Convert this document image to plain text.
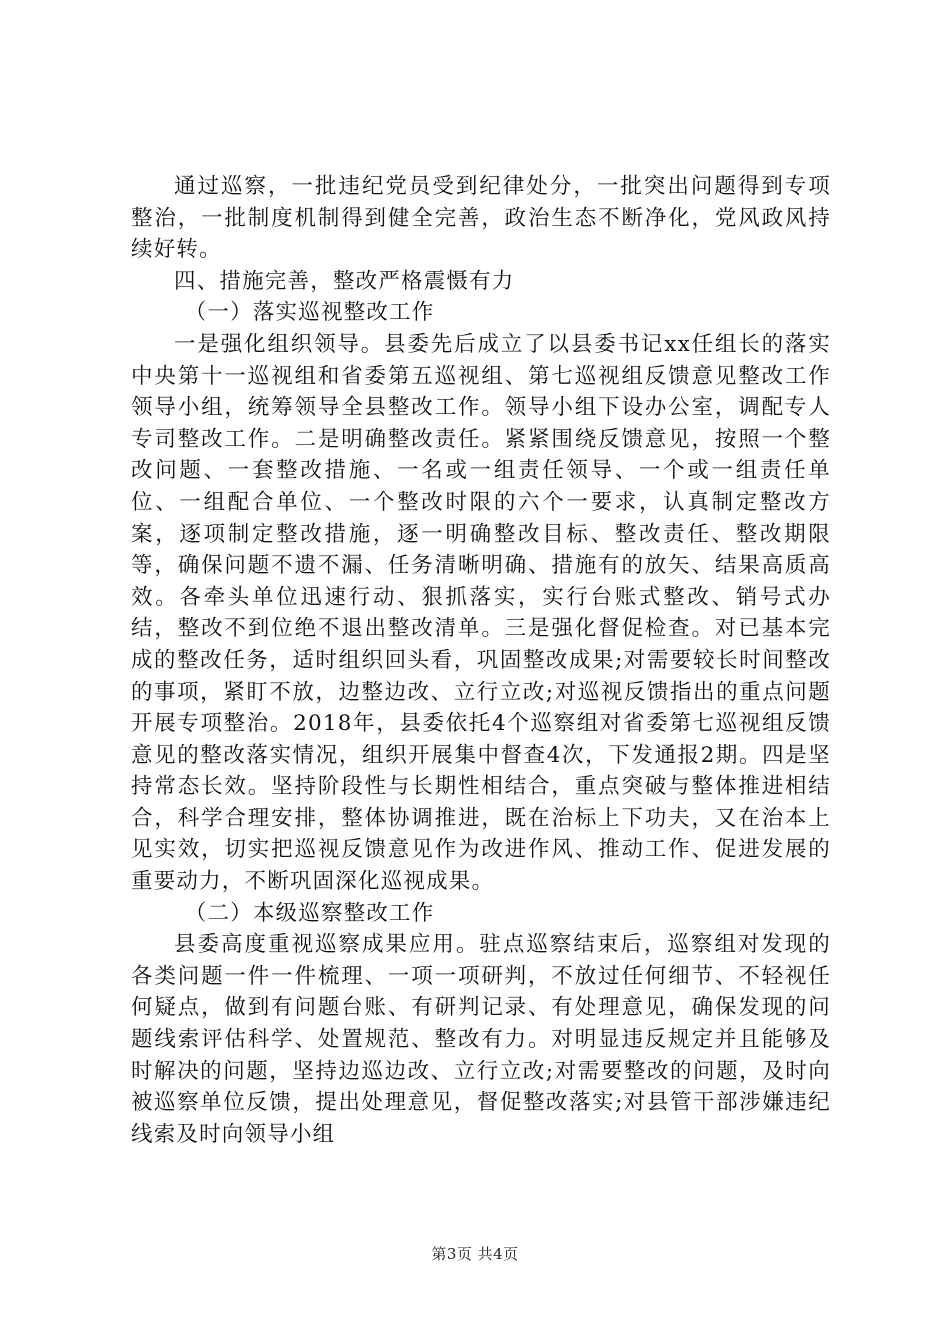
通过巡察，一批违纪党员受到纪律处分，一批突出问题得到专项整治，一批制度机制得到健全完善，政治生态不断净化，党风政风持续好转。

四、措施完善，整改严格震慑有力

（一）落实巡视整改工作

一是强化组织领导。县委先后成立了以县委书记xx任组长的落实中央第十一巡视组和省委第五巡视组、第七巡视组反馈意见整改工作领导小组，统筹领导全县整改工作。领导小组下设办公室，调配专人专司整改工作。二是明确整改责任。紧紧围绕反馈意见，按照一个整改问题、一套整改措施、一名或一组责任领导、一个或一组责任单位、一组配合单位、一个整改时限的六个一要求，认真制定整改方案，逐项制定整改措施，逐一明确整改目标、整改责任、整改期限等，确保问题不遗不漏、任务清晰明确、措施有的放矢、结果高质高效。各牵头单位迅速行动、狠抓落实，实行台账式整改、销号式办结，整改不到位绝不退出整改清单。三是强化督促检查。对已基本完成的整改任务，适时组织回头看，巩固整改成果;对需要较长时间整改的事项，紧盯不放，边整边改、立行立改;对巡视反馈指出的重点问题开展专项整治。2018年，县委依托4个巡察组对省委第七巡视组反馈意见的整改落实情况，组织开展集中督查4次，下发通报2期。四是坚持常态长效。坚持阶段性与长期性相结合，重点突破与整体推进相结合，科学合理安排，整体协调推进，既在治标上下功夫，又在治本上见实效，切实把巡视反馈意见作为改进作风、推动工作、促进发展的重要动力，不断巩固深化巡视成果。

（二）本级巡察整改工作

县委高度重视巡察成果应用。驻点巡察结束后，巡察组对发现的各类问题一件一件梳理、一项一项研判，不放过任何细节、不轻视任何疑点，做到有问题台账、有研判记录、有处理意见，确保发现的问题线索评估科学、处置规范、整改有力。对明显违反规定并且能够及时解决的问题，坚持边巡边改、立行立改;对需要整改的问题，及时向被巡察单位反馈，提出处理意见，督促整改落实;对县管干部涉嫌违纪线索及时向领导小组

第3页 共4页
